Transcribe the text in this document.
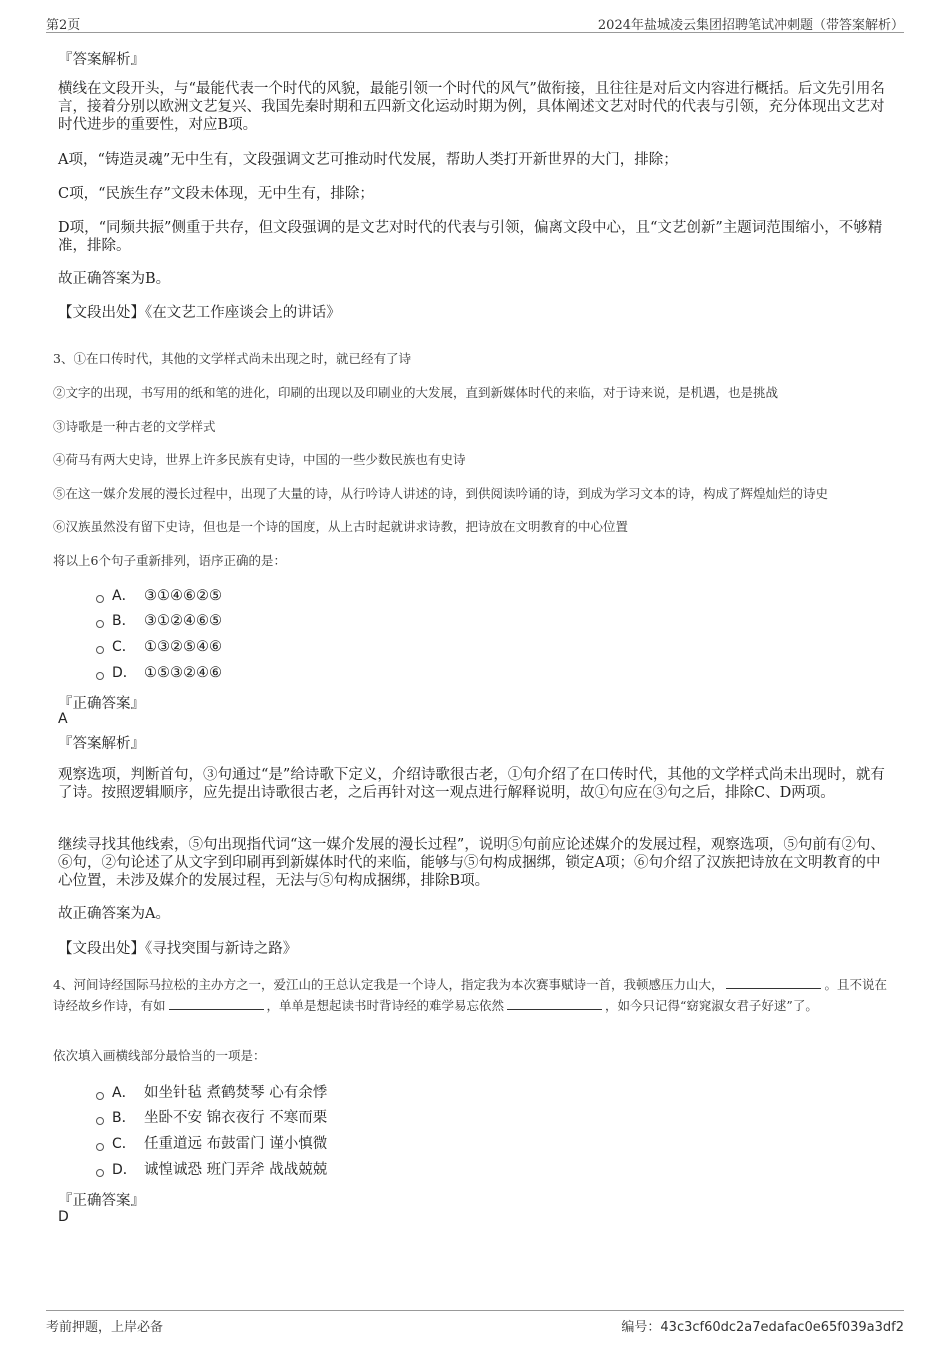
第2页	2024年盐城凌云集团招聘笔试冲刺题（带答案解析）
『答案解析』
横线在文段开头，与“最能代表一个时代的风貌，最能引领一个时代的风气”做衔接，且往往是对后文内容进行概括。后文先引用名言，接着分别以欧洲文艺复兴、我国先秦时期和五四新文化运动时期为例，具体阐述文艺对时代的代表与引领，充分体现出文艺对时代进步的重要性，对应B项。
A项，“铸造灵魂”无中生有，文段强调文艺可推动时代发展，帮助人类打开新世界的大门，排除；
C项，“民族生存”文段未体现，无中生有，排除；
D项，“同频共振”侧重于共存，但文段强调的是文艺对时代的代表与引领，偏离文段中心，且“文艺创新”主题词范围缩小，不够精准，排除。
故正确答案为B。
【文段出处】《在文艺工作座谈会上的讲话》
3、①在口传时代，其他的文学样式尚未出现之时，就已经有了诗
②文字的出现，书写用的纸和笔的进化，印刷的出现以及印刷业的大发展，直到新媒体时代的来临，对于诗来说，是机遇，也是挑战
③诗歌是一种古老的文学样式
④荷马有两大史诗，世界上许多民族有史诗，中国的一些少数民族也有史诗
⑤在这一媒介发展的漫长过程中，出现了大量的诗，从行吟诗人讲述的诗，到供阅读吟诵的诗，到成为学习文本的诗，构成了辉煌灿烂的诗史
⑥汉族虽然没有留下史诗，但也是一个诗的国度，从上古时起就讲求诗教，把诗放在文明教育的中心位置
将以上6个句子重新排列，语序正确的是：
A． ③①④⑥②⑤
B． ③①②④⑥⑤
C． ①③②⑤④⑥
D． ①⑤③②④⑥
『正确答案』
A
『答案解析』
观察选项，判断首句，③句通过“是”给诗歌下定义，介绍诗歌很古老，①句介绍了在口传时代，其他的文学样式尚未出现时，就有了诗。按照逻辑顺序，应先提出诗歌很古老，之后再针对这一观点进行解释说明，故①句应在③句之后，排除C、D两项。
继续寻找其他线索，⑤句出现指代词“这一媒介发展的漫长过程”，说明⑤句前应论述媒介的发展过程，观察选项，⑤句前有②句、⑥句，②句论述了从文字到印刷再到新媒体时代的来临，能够与⑤句构成捆绑，锁定A项；⑥句介绍了汉族把诗放在文明教育的中心位置，未涉及媒介的发展过程，无法与⑤句构成捆绑，排除B项。
故正确答案为A。
【文段出处】《寻找突围与新诗之路》
4、河间诗经国际马拉松的主办方之一，爱江山的王总认定我是一个诗人，指定我为本次赛事赋诗一首，我顿感压力山大，	。且不说在诗经故乡作诗，有如	，单单是想起读书时背诗经的难学易忘依然	，如今只记得“窈窕淑女君子好逑”了。
依次填入画横线部分最恰当的一项是：
A． 如坐针毡 煮鹤焚琴 心有余悸
B． 坐卧不安 锦衣夜行 不寒而栗
C． 任重道远 布鼓雷门 谨小慎微
D． 诚惶诚恐 班门弄斧 战战兢兢
『正确答案』
D
考前押题，上岸必备	编号：43c3cf60dc2a7edafac0e65f039a3df2
